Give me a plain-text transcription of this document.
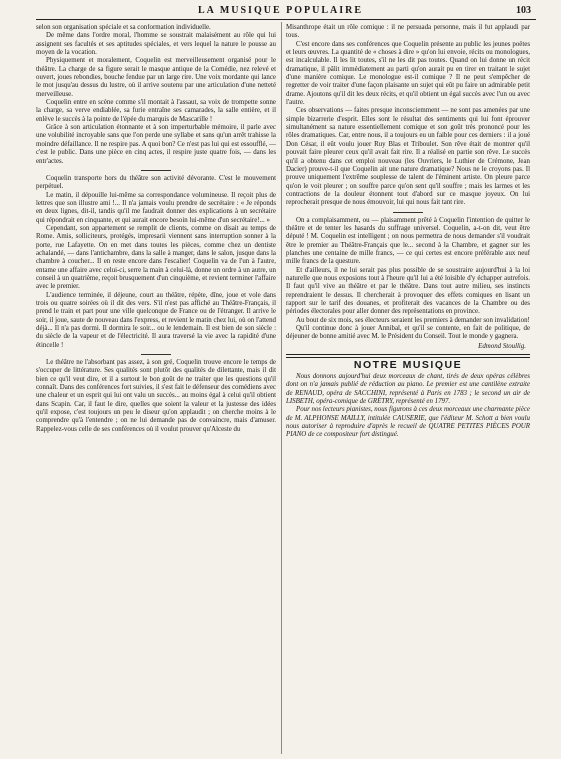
LA MUSIQUE POPULAIRE	103

selon son organisation spéciale et sa conformation individuelle.

De même dans l'ordre moral, l'homme se soustrait malaisément au rôle qui lui assignent ses facultés et ses aptitudes spéciales, et vers lequel la nature le pousse au moyen de la vocation.

Physiquement et moralement, Coquelin est merveilleusement organisé pour le théâtre. La charge de sa figure serait le masque antique de la Comédie, nez relevé et ouvert, joues rebondies, bouche fendue par un large rire. Une voix mordante qui lance le mot jusqu'au dessus du lustre, où il arrive soutenu par une articulation d'une netteté merveilleuse.

Coquelin entre en scène comme s'il montait à l'assaut, sa voix de trompette sonne la charge, sa verve endiablée, sa furie entraîne ses camarades, la salle entière, et il enlève le succès à la pointe de l'épée du marquis de Mascarille !

Grâce à son articulation étonnante et à son imperturbable mémoire, il parle avec une volubilité incroyable sans que l'on perde une syllabe et sans qu'un arrêt trahisse la moindre défaillance. Il ne respire pas. A quoi bon? Ce n'est pas lui qui est essoufflé, — c'est le public. Dans une pièce en cinq actes, il respire juste quatre fois, — dans les entr'actes.

Coquelin transporte hors du théâtre son activité dévorante. C'est le mouvement perpétuel.

Le matin, il dépouille lui-même sa correspondance volumineuse. Il reçoit plus de lettres que son illustre ami !... Il n'a jamais voulu prendre de secrétaire : « Je réponds en deux lignes, dit-il, tandis qu'il me faudrait donner des explications à un secrétaire qui répondrait en cinquante, et qui aurait encore besoin lui-même d'un secrétaire!... »

Cependant, son appartement se remplit de clients, comme on disait au temps de Rome. Amis, solliciteurs, protégés, impresarii viennent sans interruption sonner à la porte, rue Lafayette. On en met dans toutes les pièces, comme chez un dentiste achalandé, — dans l'antichambre, dans la salle à manger, dans le salon, jusque dans la chambre à coucher... Il en reste encore dans l'escalier! Coquelin va de l'un à l'autre, entame une affaire avec celui-ci, serre la main à celui-là, donne un ordre à un autre, un conseil à un quatrième, reçoit brusquement d'un cinquième, et revient terminer l'affaire avec le premier.

L'audience terminée, il déjeune, court au théâtre, répète, dîne, joue et vole dans trois ou quatre soirées où il dit des vers. S'il n'est pas affiché au Théâtre-Français, il prend le train et part pour une ville quelconque de France ou de l'étranger. Il arrive le soir, il joue, saute de nouveau dans l'express, et revient le matin chez lui, où on l'attend déjà... Il n'a pas dormi. Il dormira le soir... ou le lendemain. Il est bien de son siècle : du siècle de la vapeur et de l'électricité. Il aura traversé la vie avec la rapidité d'une étincelle !

Le théâtre ne l'absorbant pas assez, à son gré, Coquelin trouve encore le temps de s'occuper de littérature. Ses qualités sont plutôt des qualités de dilettante, mais il dit bien ce qu'il veut dire, et il a surtout le bon goût de ne traiter que les questions qu'il connaît. Dans des conférences fort suivies, il s'est fait le défenseur des comédiens avec une chaleur et un esprit qui lui ont valu un succès... au moins égal à celui qu'il obtient dans Scapin. Car, il faut le dire, quelles que soient la valeur et la justesse des idées qu'il expose, c'est toujours un peu le diseur qu'on applaudit ; on cherche moins à le comprendre qu'à l'entendre ; on ne lui demande pas de convaincre, mais d'amuser. Rappelez-vous celle de ses conférences où il voulut prouver qu'Alceste du

Misanthrope était un rôle comique : il ne persuada personne, mais il fut applaudi par tous.

C'est encore dans ses conférences que Coquelin présente au public les jeunes poëtes et leurs œuvres. La quantité de « choses à dire » qu'on lui envoie, récits ou monologues, est incalculable. Il les lit toutes, s'il ne les dit pas toutes. Quand on lui donne un récit dramatique, il pâlit immédiatement au parti qu'on aurait pu en tirer en traitant le sujet d'une manière comique. Le monologue est-il comique ? Il ne peut s'empêcher de regretter de voir traiter d'une façon plaisante un sujet qui eût pu faire un admirable petit drame. Ajoutons qu'il dit les deux récits, et qu'il obtient un égal succès avec l'un ou avec l'autre.

Ces observations — faites presque inconsciemment — ne sont pas amenées par une simple bizarrerie d'esprit. Elles sont le résultat des sentiments qui lui font éprouver simultanément sa nature essentiellement comique et son goût très prononcé pour les rôles dramatiques. Car, entre nous, il a toujours eu un faible pour ces derniers : il a joué Don César, il eût voulu jouer Ruy Blas et Triboulet. Son rêve était de montrer qu'il pouvait faire pleurer ceux qu'il avait fait rire. Il a réalisé en partie son rêve. Le succès qu'il a obtenu dans cet emploi nouveau (les Ouvriers, le Luthier de Crémone, Jean Dacier) prouve-t-il que Coquelin ait une nature dramatique? Nous ne le croyons pas. Il prouve uniquement l'extrême souplesse de talent de l'éminent artiste. On pleure parce qu'on le voit pleurer ; on souffre parce qu'on sent qu'il souffre ; mais les larmes et les contractions de la douleur étonnent tout d'abord sur ce masque joyeux. On lui reprocherait presque de nous émouvoir, lui qui nous fait tant rire.

On a complaisamment, ou — plaisamment prêté à Coquelin l'intention de quitter le théâtre et de tenter les hasards du suffrage universel. Coquelin, a-t-on dit, veut être député ! M. Coquelin est intelligent ; on nous permettra de nous demander s'il voudrait être le premier au Théâtre-Français que le... second à la Chambre, et gagner sur les planches une centaine de mille francs, — ce qui certes est encore préférable aux neuf mille francs de la questure.

Et d'ailleurs, il ne lui serait pas plus possible de se soustraire aujourd'hui à la loi naturelle que nous exposions tout à l'heure qu'il lui a été loisible d'y échapper autrefois. Il faut qu'il vive au théâtre et par le théâtre. Dans tout autre milieu, ses instincts reprendraient le dessus. Il chercherait à provoquer des effets comiques en lisant un rapport sur le tarif des douanes, et profiterait des vacances de la Chambre ou des périodes électorales pour aller donner des représentations en province.

Au bout de six mois, ses électeurs seraient les premiers à demander son invalidation!

Qu'il continue donc à jouer Annibal, et qu'il se contente, en fait de politique, de déjeuner de bonne amitié avec M. le Président du Conseil. Tout le monde y gagnera.

Edmond Stoullig.
NOTRE MUSIQUE

Nous donnons aujourd'hui deux morceaux de chant, tirés de deux opéras célèbres dont on n'a jamais publié de réduction au piano. Le premier est une cantilène extraite de RENAUD, opéra de SACCHINI, représenté à Paris en 1783 ; le second un air de LISBETH, opéra-comique de GRÉTRY, représenté en 1797.

Pour nos lecteurs pianistes, nous figurons à ces deux morceaux une charmante pièce de M. ALPHONSE MAILLY, intitulée CAUSERIE, que l'éditeur M. Schott a bien voulu nous autoriser à reproduire d'après le recueil de QUATRE PETITES PIÈCES POUR PIANO de ce compositeur fort distingué.
